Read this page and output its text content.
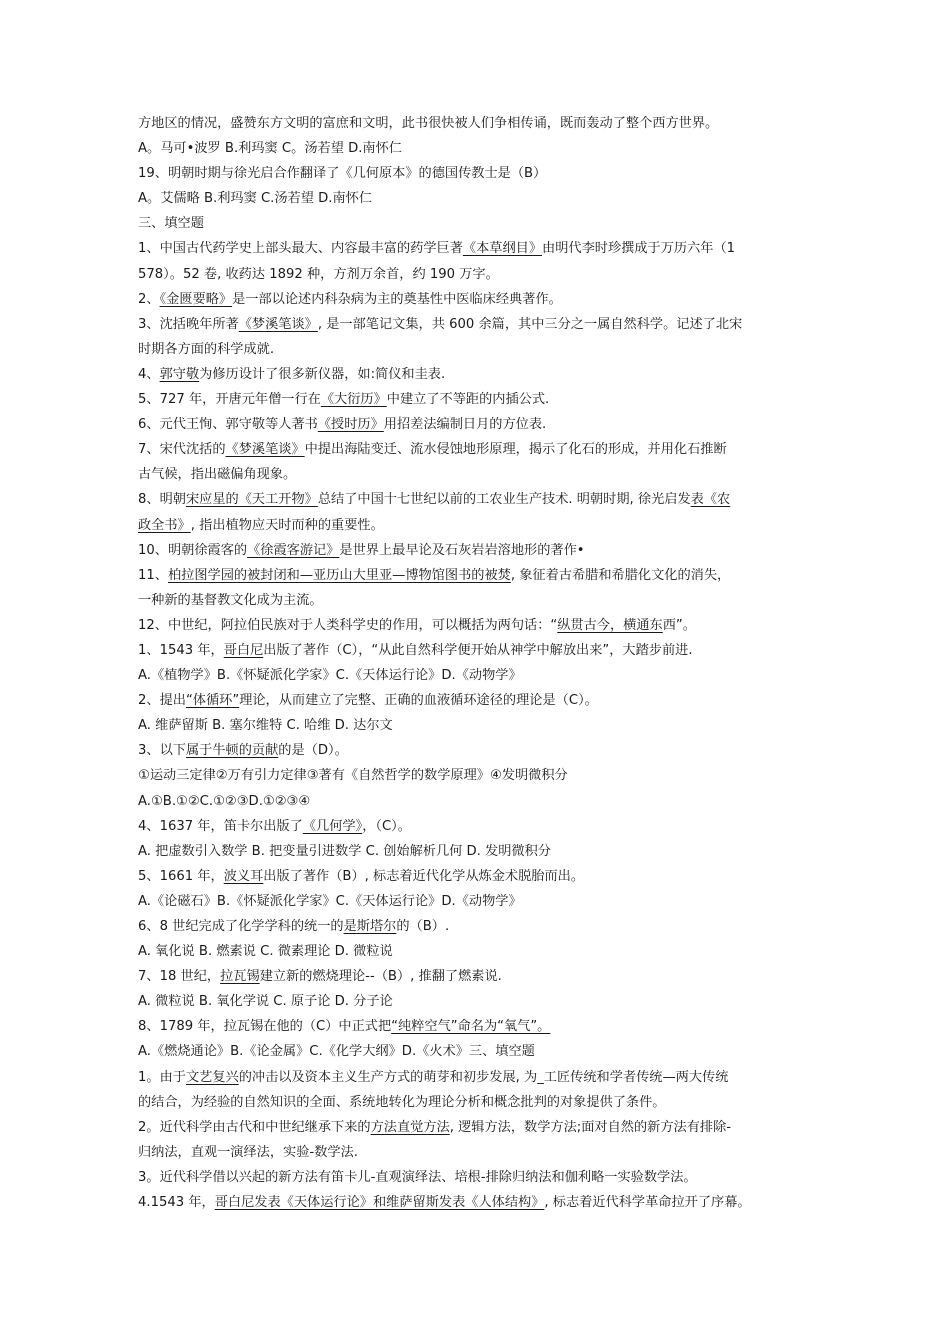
方地区的情况，盛赞东方文明的富庶和文明，此书很快被人们争相传诵，既而轰动了整个西方世界。
A。马可•波罗 B.利玛窦 C。汤若望 D.南怀仁
19、明朝时期与徐光启合作翻译了《几何原本》的德国传教士是（B）
A。艾儒略 B.利玛窦 C.汤若望 D.南怀仁
三、填空题
1、中国古代药学史上部头最大、内容最丰富的药学巨著《本草纲目》由明代李时珍撰成于万历六年（1
578）。52 卷, 收药达 1892 种，方剂万余首，约 190 万字。
2、《金匮要略》是一部以论述内科杂病为主的奠基性中医临床经典著作。
3、沈括晚年所著《梦溪笔谈》, 是一部笔记文集，共 600 余篇，其中三分之一属自然科学。记述了北宋
时期各方面的科学成就.
4、郭守敬为修历设计了很多新仪器，如:简仪和圭表.
5、727 年，开唐元年僧一行在《大衍历》中建立了不等距的内插公式.
6、元代王恂、郭守敬等人著书《授时历》用招差法编制日月的方位表.
7、宋代沈括的《梦溪笔谈》中提出海陆变迁、流水侵蚀地形原理，揭示了化石的形成，并用化石推断
古气候，指出磁偏角现象。
8、明朝宋应星的《天工开物》总结了中国十七世纪以前的工农业生产技术. 明朝时期, 徐光启发表《农
政全书》, 指出植物应天时而种的重要性。
10、明朝徐霞客的《徐霞客游记》是世界上最早论及石灰岩岩溶地形的著作•
11、柏拉图学园的被封闭和—亚历山大里亚—博物馆图书的被焚, 象征着古希腊和希腊化文化的消失，
一种新的基督教文化成为主流。
12、中世纪，阿拉伯民族对于人类科学史的作用，可以概括为两句话：“纵贯古今，横通东西”。
1、1543 年，哥白尼出版了著作（C），“从此自然科学便开始从神学中解放出来”，大踏步前进.
A.《植物学》B.《怀疑派化学家》C.《天体运行论》D.《动物学》
2、提出“体循环”理论，从而建立了完整、正确的血液循环途径的理论是（C）。
A. 维萨留斯 B. 塞尔维特 C. 哈维 D. 达尔文
3、以下属于牛顿的贡献的是（D）。
①运动三定律②万有引力定律③著有《自然哲学的数学原理》④发明微积分
A.①B.①②C.①②③D.①②③④
4、1637 年，笛卡尔出版了《几何学》，（C）。
A. 把虚数引入数学 B. 把变量引进数学 C. 创始解析几何 D. 发明微积分
5、1661 年，波义耳出版了著作（B）, 标志着近代化学从炼金术脱胎而出。
A.《论磁石》B.《怀疑派化学家》C.《天体运行论》D.《动物学》
6、8 世纪完成了化学学科的统一的是斯塔尔的（B）.
A. 氧化说 B. 燃素说 C. 微素理论 D. 微粒说
7、18 世纪，拉瓦锡建立新的燃烧理论--（B）, 推翻了燃素说.
A. 微粒说 B. 氧化学说 C. 原子论 D. 分子论
8、1789 年，拉瓦锡在他的（C）中正式把“纯粹空气”命名为“氧气”。
A.《燃烧通论》B.《论金属》C.《化学大纲》D.《火术》三、填空题
1。由于文艺复兴的冲击以及资本主义生产方式的萌芽和初步发展, 为_工匠传统和学者传统—两大传统
的结合，为经验的自然知识的全面、系统地转化为理论分析和概念批判的对象提供了条件。
2。近代科学由古代和中世纪继承下来的方法直觉方法, 逻辑方法，数学方法;面对自然的新方法有排除-
归纳法，直观一演绎法，实验-数学法.
3。近代科学借以兴起的新方法有笛卡儿-直观演绎法、培根-排除归纳法和伽利略一实验数学法。
4.1543 年，哥白尼发表《天体运行论》和维萨留斯发表《人体结构》, 标志着近代科学革命拉开了序幕。
